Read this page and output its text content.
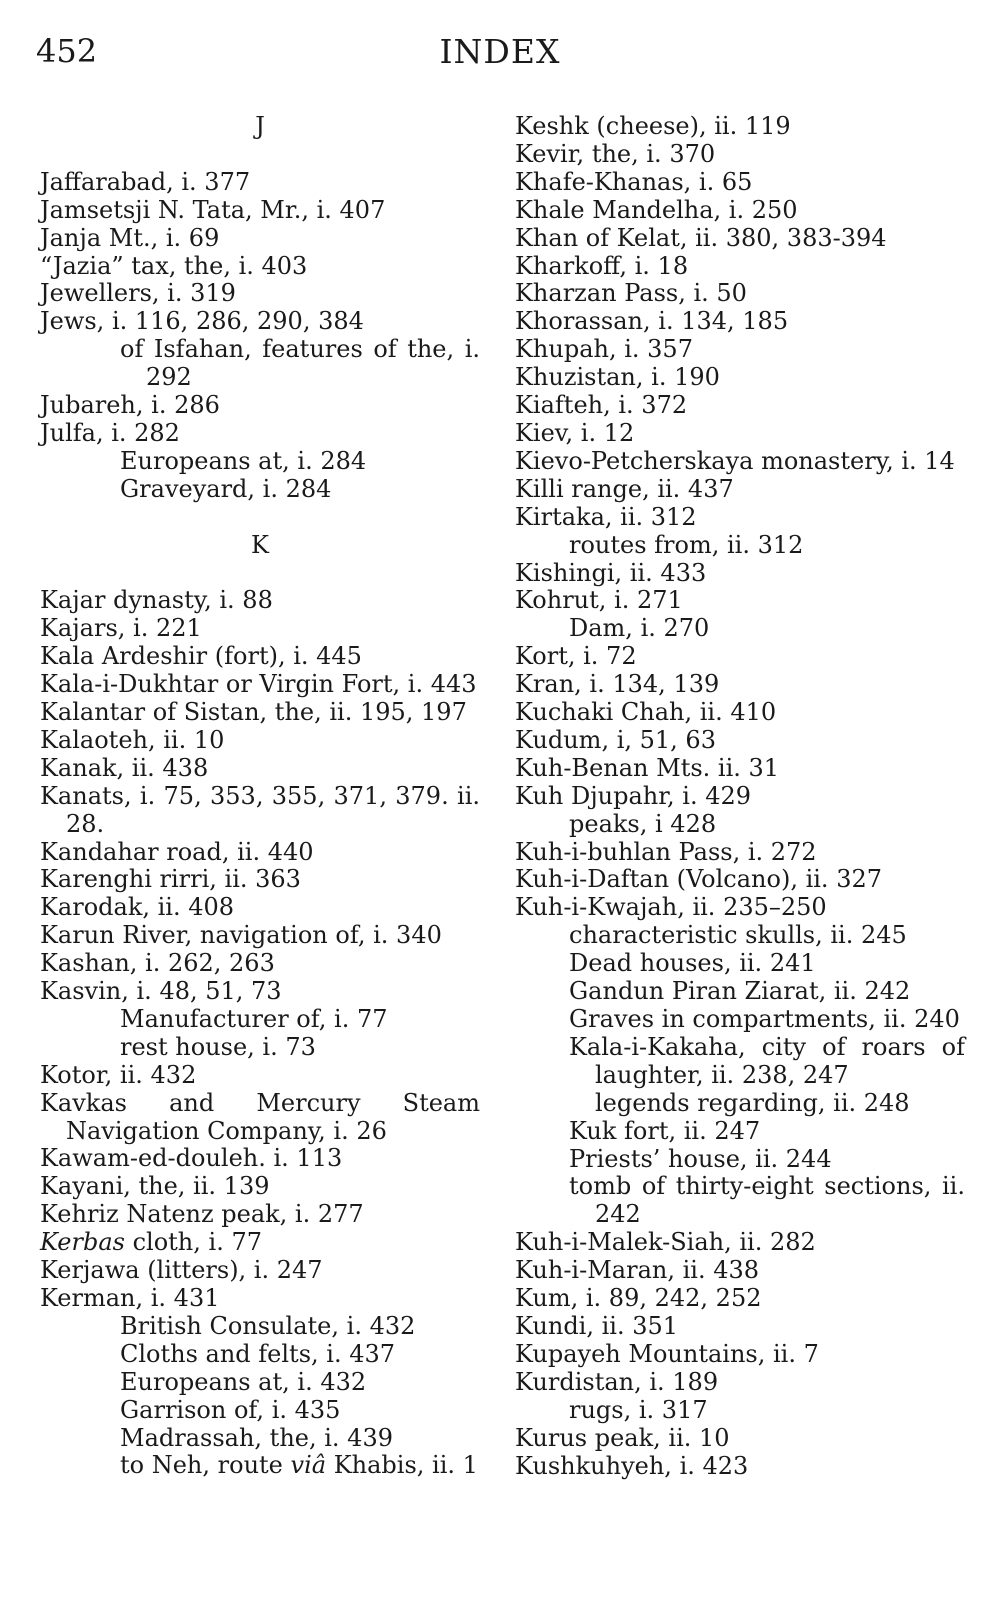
452	INDEX
J
Jaffarabad, i. 377
Jamsetsji N. Tata, Mr., i. 407
Janja Mt., i. 69
“Jazia” tax, the, i. 403
Jewellers, i. 319
Jews, i. 116, 286, 290, 384
of Isfahan, features of the, i. 292
Jubareh, i. 286
Julfa, i. 282
Europeans at, i. 284
Graveyard, i. 284
K
Kajar dynasty, i. 88
Kajars, i. 221
Kala Ardeshir (fort), i. 445
Kala-i-Dukhtar or Virgin Fort, i. 443
Kalantar of Sistan, the, ii. 195, 197
Kalaoteh, ii. 10
Kanak, ii. 438
Kanats, i. 75, 353, 355, 371, 379. ii. 28.
Kandahar road, ii. 440
Karenghi rirri, ii. 363
Karodak, ii. 408
Karun River, navigation of, i. 340
Kashan, i. 262, 263
Kasvin, i. 48, 51, 73
Manufacturer of, i. 77
rest house, i. 73
Kotor, ii. 432
Kavkas and Mercury Steam Navigation Company, i. 26
Kawam-ed-douleh. i. 113
Kayani, the, ii. 139
Kehriz Natenz peak, i. 277
Kerbas cloth, i. 77
Kerjawa (litters), i. 247
Kerman, i. 431
British Consulate, i. 432
Cloths and felts, i. 437
Europeans at, i. 432
Garrison of, i. 435
Madrassah, the, i. 439
to Neh, route viâ Khabis, ii. 1
Keshk (cheese), ii. 119
Kevir, the, i. 370
Khafe-Khanas, i. 65
Khale Mandelha, i. 250
Khan of Kelat, ii. 380, 383-394
Kharkoff, i. 18
Kharzan Pass, i. 50
Khorassan, i. 134, 185
Khupah, i. 357
Khuzistan, i. 190
Kiafteh, i. 372
Kiev, i. 12
Kievo-Petcherskaya monastery, i. 14
Killi range, ii. 437
Kirtaka, ii. 312
routes from, ii. 312
Kishingi, ii. 433
Kohrut, i. 271
Dam, i. 270
Kort, i. 72
Kran, i. 134, 139
Kuchaki Chah, ii. 410
Kudum, i, 51, 63
Kuh-Benan Mts. ii. 31
Kuh Djupahr, i. 429
peaks, i 428
Kuh-i-buhlan Pass, i. 272
Kuh-i-Daftan (Volcano), ii. 327
Kuh-i-Kwajah, ii. 235–250
characteristic skulls, ii. 245
Dead houses, ii. 241
Gandun Piran Ziarat, ii. 242
Graves in compartments, ii. 240
Kala-i-Kakaha, city of roars of laughter, ii. 238, 247
legends regarding, ii. 248
Kuk fort, ii. 247
Priests’ house, ii. 244
tomb of thirty-eight sections, ii. 242
Kuh-i-Malek-Siah, ii. 282
Kuh-i-Maran, ii. 438
Kum, i. 89, 242, 252
Kundi, ii. 351
Kupayeh Mountains, ii. 7
Kurdistan, i. 189
rugs, i. 317
Kurus peak, ii. 10
Kushkuhyeh, i. 423
